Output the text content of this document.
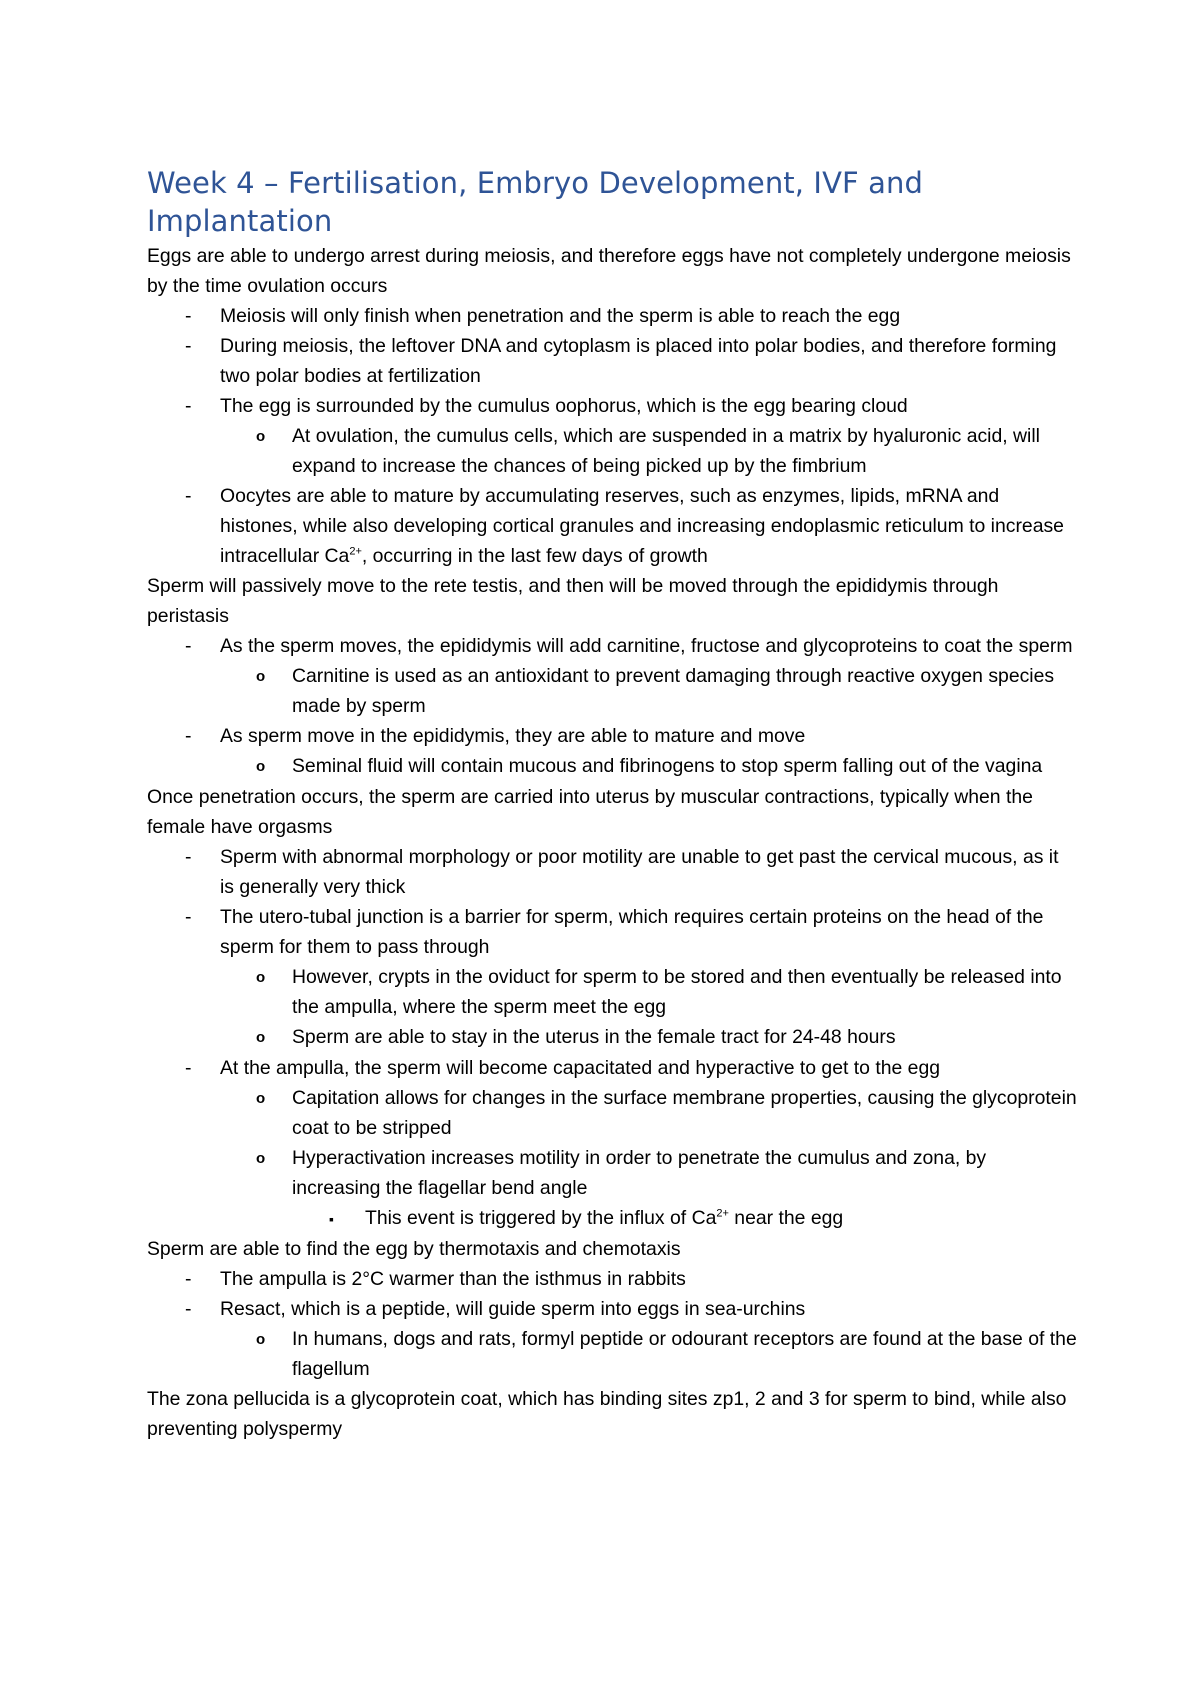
Week 4 – Fertilisation, Embryo Development, IVF and Implantation

Eggs are able to undergo arrest during meiosis, and therefore eggs have not completely undergone meiosis by the time ovulation occurs

-	Meiosis will only finish when penetration and the sperm is able to reach the egg
-	During meiosis, the leftover DNA and cytoplasm is placed into polar bodies, and therefore forming two polar bodies at fertilization
-	The egg is surrounded by the cumulus oophorus, which is the egg bearing cloud
o	At ovulation, the cumulus cells, which are suspended in a matrix by hyaluronic acid, will expand to increase the chances of being picked up by the fimbrium
-	Oocytes are able to mature by accumulating reserves, such as enzymes, lipids, mRNA and histones, while also developing cortical granules and increasing endoplasmic reticulum to increase intracellular $Ca^{2+}$, occurring in the last few days of growth

Sperm will passively move to the rete testis, and then will be moved through the epididymis through peristasis

-	As the sperm moves, the epididymis will add carnitine, fructose and glycoproteins to coat the sperm
o	Carnitine is used as an antioxidant to prevent damaging through reactive oxygen species made by sperm
-	As sperm move in the epididymis, they are able to mature and move
o	Seminal fluid will contain mucous and fibrinogens to stop sperm falling out of the vagina

Once penetration occurs, the sperm are carried into uterus by muscular contractions, typically when the female have orgasms

-	Sperm with abnormal morphology or poor motility are unable to get past the cervical mucous, as it is generally very thick
-	The utero-tubal junction is a barrier for sperm, which requires certain proteins on the head of the sperm for them to pass through
o	However, crypts in the oviduct for sperm to be stored and then eventually be released into the ampulla, where the sperm meet the egg
o	Sperm are able to stay in the uterus in the female tract for 24-48 hours
-	At the ampulla, the sperm will become capacitated and hyperactive to get to the egg
o	Capitation allows for changes in the surface membrane properties, causing the glycoprotein coat to be stripped
o	Hyperactivation increases motility in order to penetrate the cumulus and zona, by increasing the flagellar bend angle
▪	This event is triggered by the influx of $Ca^{2+}$ near the egg

Sperm are able to find the egg by thermotaxis and chemotaxis

-	The ampulla is 2°C warmer than the isthmus in rabbits
-	Resact, which is a peptide, will guide sperm into eggs in sea-urchins
o	In humans, dogs and rats, formyl peptide or odourant receptors are found at the base of the flagellum

The zona pellucida is a glycoprotein coat, which has binding sites zp1, 2 and 3 for sperm to bind, while also preventing polyspermy
